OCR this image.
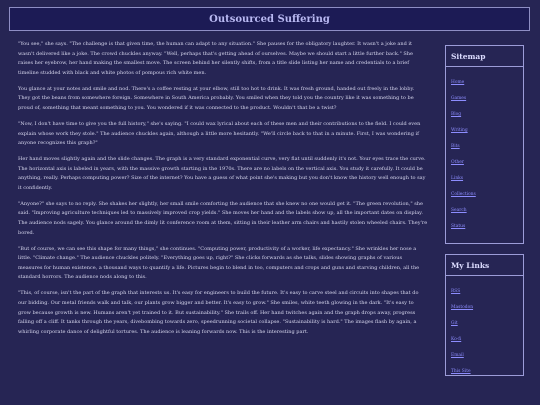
Outsourced Suffering

"You see," she says. "The challenge is that given time, the human can adapt to any situation." She pauses for the obligatory laughter. It wasn't a joke and it wasn't delivered like a joke. The crowd chuckles anyway. "Well, perhaps that's getting ahead of ourselves. Maybe we should start a little further back." She raises her eyebrow, her hand making the smallest move. The screen behind her silently shifts, from a title slide listing her name and credentials to a brief timeline studded with black and white photos of pompous rich white men.

You glance at your notes and smile and nod. There's a coffee resting at your elbow, still too hot to drink. It was fresh ground, handed out freely in the lobby. They got the beans from somewhere foreign. Somewhere in South America probably. You smiled when they told you the country like it was something to be proud of, something that meant something to you. You wondered if it was connected to the product. Wouldn't that be a twist?

"Now, I don't have time to give you the full history," she's saying. "I could wax lyrical about each of these men and their contributions to the field. I could even explain whose work they stole." The audience chuckles again, although a little more hesitantly. "We'll circle back to that in a minute. First, I was wondering if anyone recognizes this graph?"

Her hand moves slightly again and the slide changes. The graph is a very standard exponential curve, very flat until suddenly it's not. Your eyes trace the curve. The horizontal axis is labeled in years, with the massive growth starting in the 1970s. There are no labels on the vertical axis. You study it carefully. It could be anything, really. Perhaps computing power? Size of the internet? You have a guess of what point she's making but you don't know the history well enough to say it confidently.

"Anyone?" she says to no reply. She shakes her slightly, her small smile comforting the audience that she knew no one would get it. "The green revolution," she said. "Improving agriculture techniques led to massively improved crop yields." She moves her hand and the labels show up, all the important dates on display. The audience nods sagely. You glance around the dimly lit conference room at them, sitting in their leather arm chairs and hastily stolen wheeled chairs. They're bored.

"But of course, we can see this shape for many things," she continues. "Computing power, productivity of a worker, life expectancy." She wrinkles her nose a little. "Climate change." The audience chuckles politely. "Everything goes up, right?" She clicks forwards as she talks, slides showing graphs of various measures for human existence, a thousand ways to quantify a life. Pictures begin to blend in too, computers and crops and guns and starving children, all the standard horrors. The audience nods along to this.

"This, of course, isn't the part of the graph that interests us. It's easy for engineers to build the future. It's easy to carve steel and circuits into shapes that do our bidding. Our metal friends walk and talk, our plants grow bigger and better. It's easy to grow." She smiles, white teeth glowing in the dark. "It's easy to grow because growth is new. Humans aren't yet trained to it. But sustainability." She trails off. Her hand twitches again and the graph drops away, progress falling off a cliff. It tanks through the years, divebombing towards zero, speedrunning societal collapse. "Sustainability is hard." The images flash by again, a whirling corporate dance of delightful tortures. The audience is leaning forwards now. This is the interesting part.

Sitemap
Home
Games
Blog
Writing
Bits
Other
Links
Collections
Search
Status
My Links
RSS
Mastodon
Git
Ko-fi
Email
This Site
